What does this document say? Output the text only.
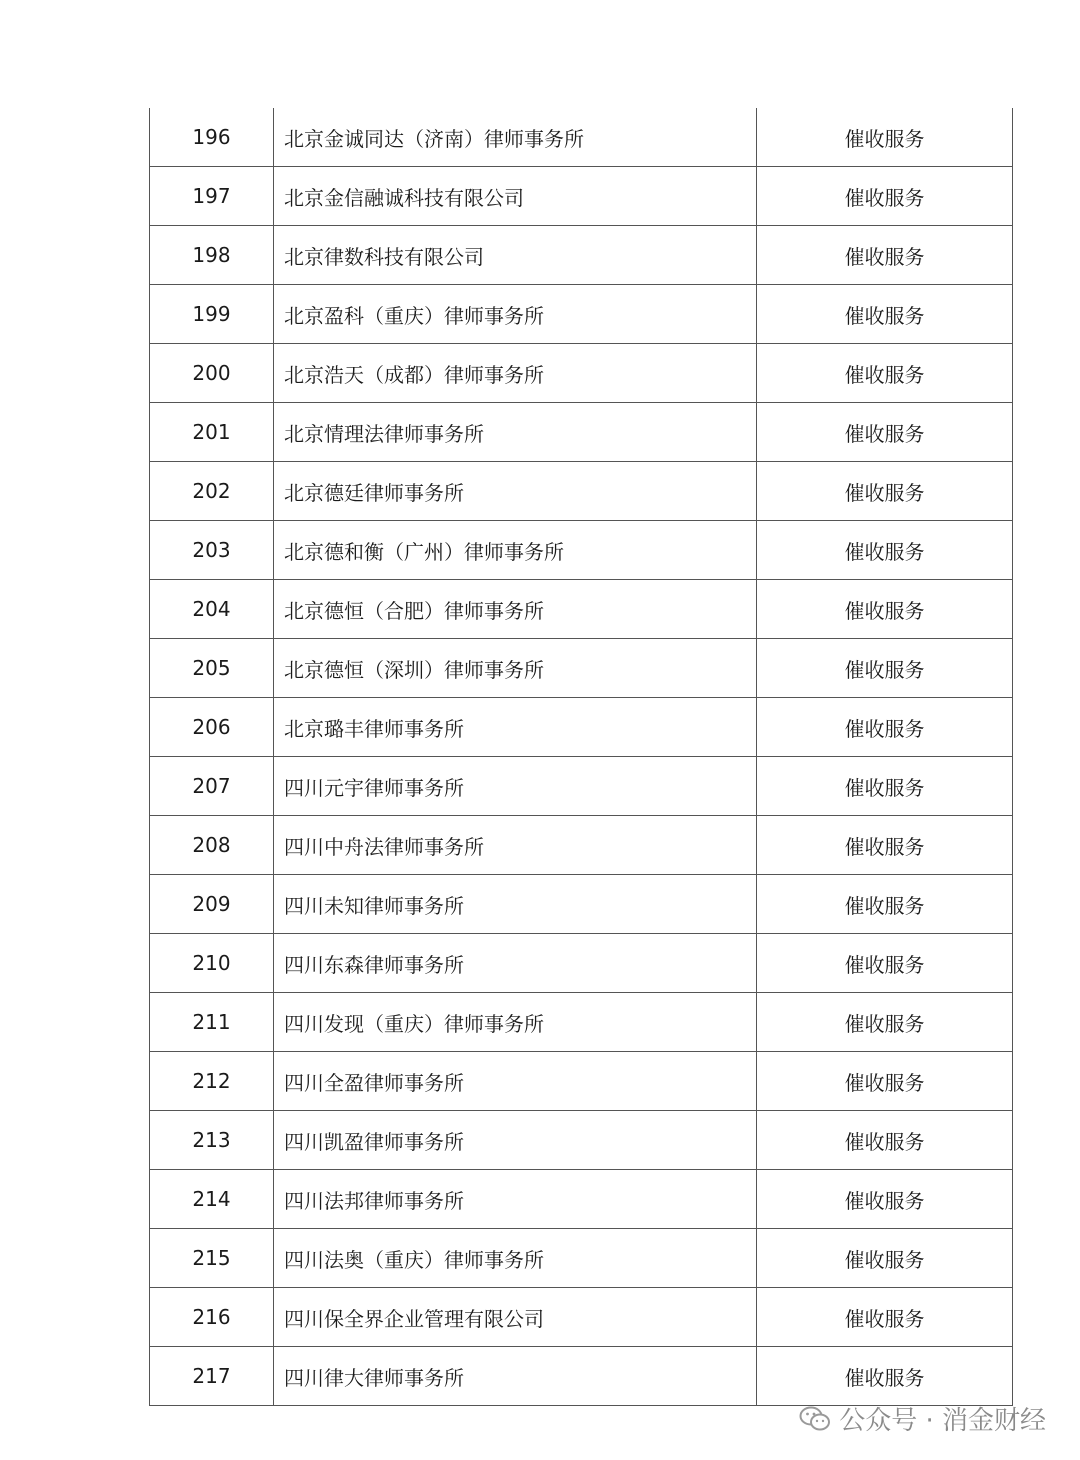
196	北京金诚同达（济南）律师事务所	催收服务
197	北京金信融诚科技有限公司	催收服务
198	北京律数科技有限公司	催收服务
199	北京盈科（重庆）律师事务所	催收服务
200	北京浩天（成都）律师事务所	催收服务
201	北京情理法律师事务所	催收服务
202	北京德廷律师事务所	催收服务
203	北京德和衡（广州）律师事务所	催收服务
204	北京德恒（合肥）律师事务所	催收服务
205	北京德恒（深圳）律师事务所	催收服务
206	北京璐丰律师事务所	催收服务
207	四川元宇律师事务所	催收服务
208	四川中舟法律师事务所	催收服务
209	四川未知律师事务所	催收服务
210	四川东森律师事务所	催收服务
211	四川发现（重庆）律师事务所	催收服务
212	四川全盈律师事务所	催收服务
213	四川凯盈律师事务所	催收服务
214	四川法邦律师事务所	催收服务
215	四川法奥（重庆）律师事务所	催收服务
216	四川保全界企业管理有限公司	催收服务
217	四川律大律师事务所	催收服务
公众号 · 消金财经
